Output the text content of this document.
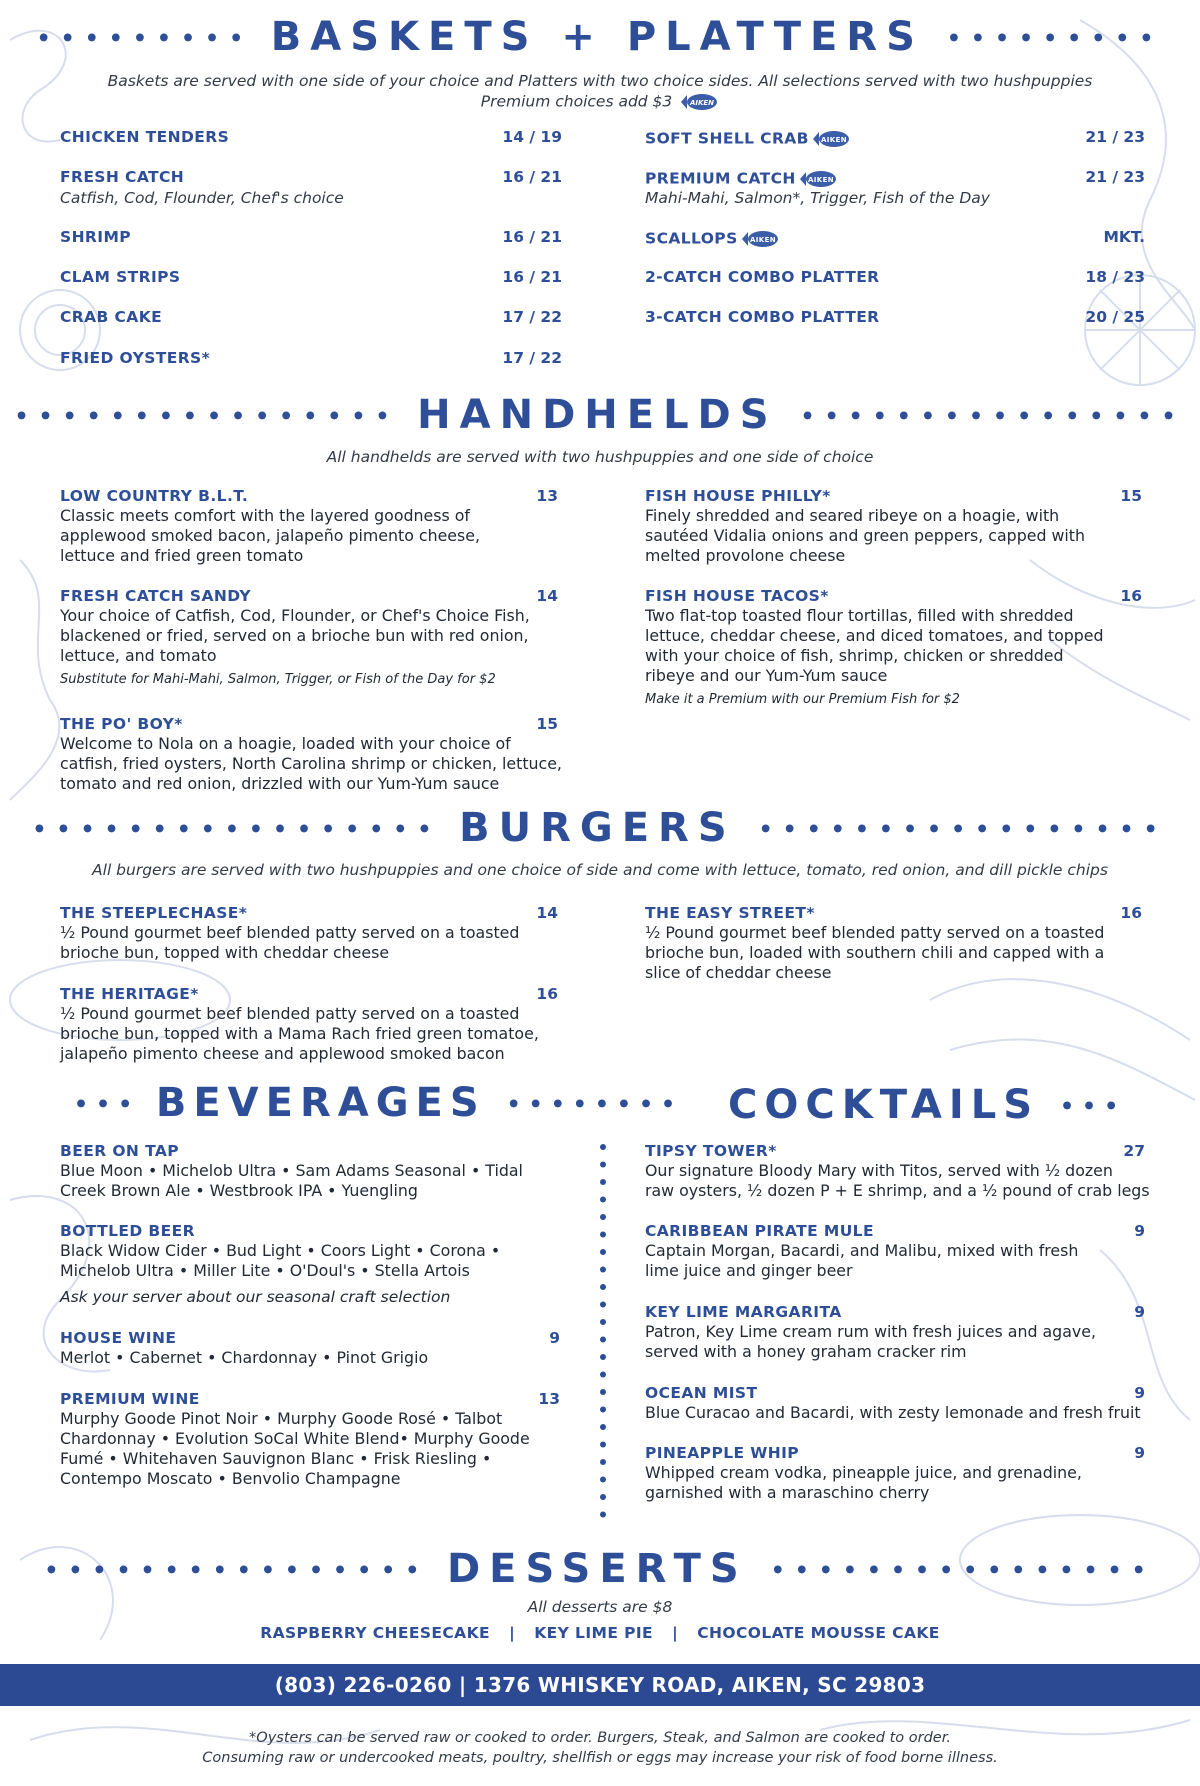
••••••••• BASKETS + PLATTERS •••••••••
Baskets are served with one side of your choice and Platters with two choice sides. All selections served with two hushpuppies
Premium choices add $3	AIKEN
CHICKEN TENDERS	14 / 19
FRESH CATCH	16 / 21
Catfish, Cod, Flounder, Chef's choice
SHRIMP	16 / 21
CLAM STRIPS	16 / 21
CRAB CAKE	17 / 22
FRIED OYSTERS*	17 / 22
SOFT SHELL CRAB AIKEN	21 / 23
PREMIUM CATCH AIKEN	21 / 23
Mahi-Mahi, Salmon*, Trigger, Fish of the Day
SCALLOPS AIKEN	MKT.
2-CATCH COMBO PLATTER	18 / 23
3-CATCH COMBO PLATTER	20 / 25
•••••••••••••••• HANDHELDS ••••••••••••••••
All handhelds are served with two hushpuppies and one side of choice
LOW COUNTRY B.L.T.	13
Classic meets comfort with the layered goodness of
applewood smoked bacon, jalapeño pimento cheese,
lettuce and fried green tomato
FRESH CATCH SANDY	14
Your choice of Catfish, Cod, Flounder, or Chef's Choice Fish,
blackened or fried, served on a brioche bun with red onion,
lettuce, and tomato
Substitute for Mahi-Mahi, Salmon, Trigger, or Fish of the Day for $2
THE PO' BOY*	15
Welcome to Nola on a hoagie, loaded with your choice of
catfish, fried oysters, North Carolina shrimp or chicken, lettuce,
tomato and red onion, drizzled with our Yum-Yum sauce
FISH HOUSE PHILLY*	15
Finely shredded and seared ribeye on a hoagie, with
sautéed Vidalia onions and green peppers, capped with
melted provolone cheese
FISH HOUSE TACOS*	16
Two flat-top toasted flour tortillas, filled with shredded
lettuce, cheddar cheese, and diced tomatoes, and topped
with your choice of fish, shrimp, chicken or shredded
ribeye and our Yum-Yum sauce
Make it a Premium with our Premium Fish for $2
••••••••••••••••• BURGERS •••••••••••••••••
All burgers are served with two hushpuppies and one choice of side and come with lettuce, tomato, red onion, and dill pickle chips
THE STEEPLECHASE*	14
½ Pound gourmet beef blended patty served on a toasted
brioche bun, topped with cheddar cheese
THE HERITAGE*	16
½ Pound gourmet beef blended patty served on a toasted
brioche bun, topped with a Mama Rach fried green tomatoe,
jalapeño pimento cheese and applewood smoked bacon
THE EASY STREET*	16
½ Pound gourmet beef blended patty served on a toasted
brioche bun, loaded with southern chili and capped with a
slice of cheddar cheese
••• BEVERAGES •••••••• COCKTAILS •••
BEER ON TAP
Blue Moon • Michelob Ultra • Sam Adams Seasonal • Tidal
Creek Brown Ale • Westbrook IPA • Yuengling
BOTTLED BEER
Black Widow Cider • Bud Light • Coors Light • Corona •
Michelob Ultra • Miller Lite • O'Doul's • Stella Artois
Ask your server about our seasonal craft selection
HOUSE WINE	9
Merlot • Cabernet • Chardonnay • Pinot Grigio
PREMIUM WINE	13
Murphy Goode Pinot Noir • Murphy Goode Rosé • Talbot
Chardonnay • Evolution SoCal White Blend• Murphy Goode
Fumé • Whitehaven Sauvignon Blanc • Frisk Riesling •
Contempo Moscato • Benvolio Champagne
TIPSY TOWER*	27
Our signature Bloody Mary with Titos, served with ½ dozen
raw oysters, ½ dozen P + E shrimp, and a ½ pound of crab legs
CARIBBEAN PIRATE MULE	9
Captain Morgan, Bacardi, and Malibu, mixed with fresh
lime juice and ginger beer
KEY LIME MARGARITA	9
Patron, Key Lime cream rum with fresh juices and agave,
served with a honey graham cracker rim
OCEAN MIST	9
Blue Curacao and Bacardi, with zesty lemonade and fresh fruit
PINEAPPLE WHIP	9
Whipped cream vodka, pineapple juice, and grenadine,
garnished with a maraschino cherry
•••••••••••••••• DESSERTS ••••••••••••••••
All desserts are $8
RASPBERRY CHEESECAKE | KEY LIME PIE | CHOCOLATE MOUSSE CAKE
(803) 226-0260 | 1376 WHISKEY ROAD, AIKEN, SC 29803
*Oysters can be served raw or cooked to order. Burgers, Steak, and Salmon are cooked to order.
Consuming raw or undercooked meats, poultry, shellfish or eggs may increase your risk of food borne illness.
